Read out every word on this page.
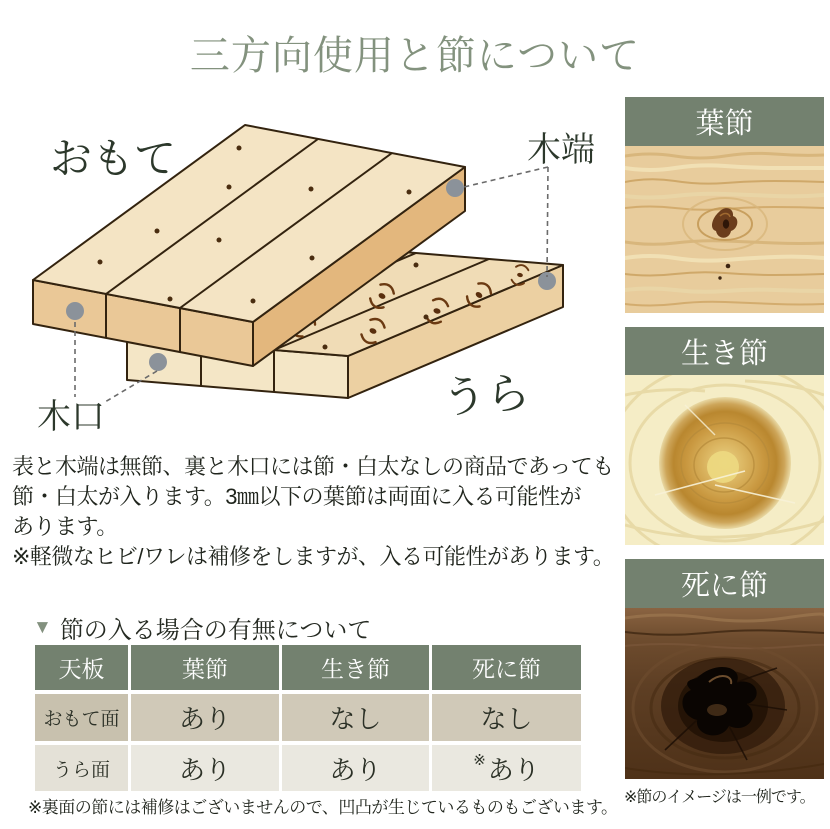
三方向使用と節について
おもて	木端
木口	うら
表と木端は無節、裏と木口には節・白太なしの商品であっても
節・白太が入ります。3㎜以下の葉節は両面に入る可能性が
あります。
※軽微なヒビ/ワレは補修をしますが、入る可能性があります。
▼ 節の入る場合の有無について
天板	葉節	生き節	死に節
おもて面	あり	なし	なし
うら面	あり	あり	※ あり
※裏面の節には補修はございませんので、凹凸が生じているものもございます。
葉節
生き節
死に節
※節のイメージは一例です。
